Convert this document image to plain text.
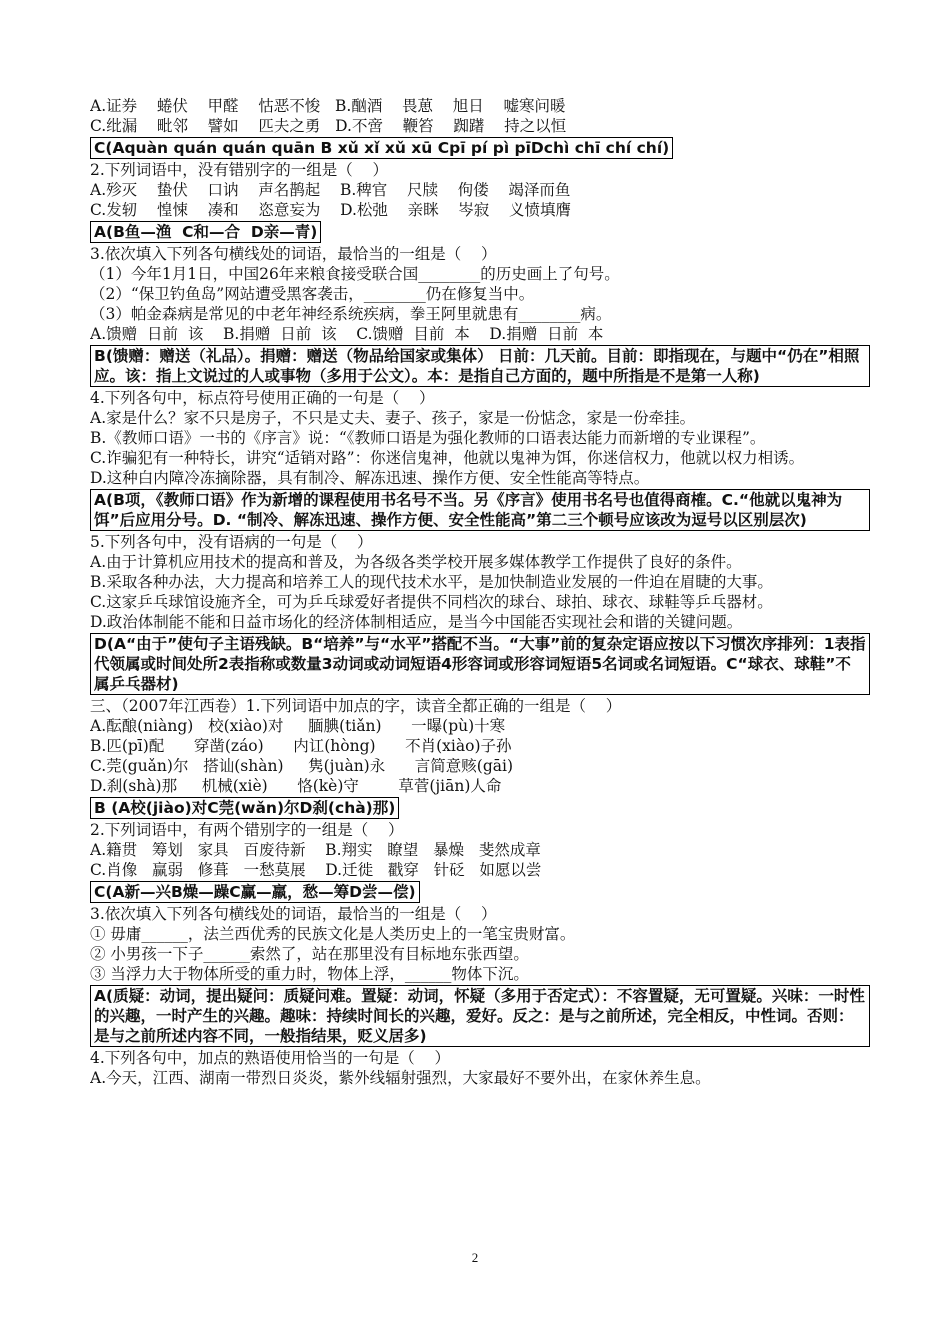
A.证券    蜷伏    甲醛    怙恶不悛   B.酗酒    畏葸    旭日    嘘寒问暖
C.纰漏    毗邻    譬如    匹夫之勇   D.不啻    鞭笞    踟躇    持之以恒
C(Aquàn quán quán quān B xǔ xǐ xǔ xū Cpī pí pì pīDchì chī chí chí)
2.下列词语中，没有错别字的一组是（    ）
A.殄灭    蛰伏    口讷    声名鹊起    B.稗官    尺牍    佝偻    竭泽而鱼
C.发轫    惶悚    凑和    恣意妄为    D.松弛    亲眯    岑寂    义愤填膺
A(B鱼—渔  C和—合  D亲—青)
3.依次填入下列各句横线处的词语，最恰当的一组是（    ）
（1）今年1月1日，中国26年来粮食接受联合国________的历史画上了句号。
（2）“保卫钓鱼岛”网站遭受黑客袭击，________仍在修复当中。
（3）帕金森病是常见的中老年神经系统疾病，拳王阿里就患有________病。
A.馈赠  日前  该    B.捐赠  日前  该    C.馈赠  目前  本    D.捐赠  日前  本
B(馈赠：赠送（礼品）。捐赠：赠送（物品给国家或集体） 日前：几天前。目前：即指现在，与题中“仍在”相照应。该：指上文说过的人或事物（多用于公文）。本：是指自己方面的，题中所指是不是第一人称)
4.下列各句中，标点符号使用正确的一句是（    ）
A.家是什么？家不只是房子，不只是丈夫、妻子、孩子，家是一份惦念，家是一份牵挂。
B.《教师口语》一书的《序言》说：“《教师口语是为强化教师的口语表达能力而新增的专业课程”。
C.诈骗犯有一种特长，讲究“适销对路”：你迷信鬼神，他就以鬼神为饵，你迷信权力，他就以权力相诱。
D.这种白内障冷冻摘除器，具有制冷、解冻迅速、操作方便、安全性能高等特点。
A(B项，《教师口语》作为新增的课程使用书名号不当。另《序言》使用书名号也值得商榷。C.“他就以鬼神为饵”后应用分号。D. “制冷、解冻迅速、操作方便、安全性能高”第二三个顿号应该改为逗号以区别层次)
5.下列各句中，没有语病的一句是（    ）
A.由于计算机应用技术的提高和普及，为各级各类学校开展多媒体教学工作提供了良好的条件。
B.采取各种办法，大力提高和培养工人的现代技术水平，是加快制造业发展的一件迫在眉睫的大事。
C.这家乒乓球馆设施齐全，可为乒乓球爱好者提供不同档次的球台、球拍、球衣、球鞋等乒乓器材。
D.政治体制能不能和日益市场化的经济体制相适应，是当今中国能否实现社会和谐的关键问题。
D(A“由于”使句子主语残缺。B“培养”与“水平”搭配不当。“大事”前的复杂定语应按以下习惯次序排列：1表指代领属或时间处所2表指称或数量3动词或动词短语4形容词或形容词短语5名词或名词短语。C“球衣、球鞋”不属乒乓器材)
三、（2007年江西卷）1.下列词语中加点的字，读音全都正确的一组是（    ）
A.酝酿(niàng)   校(xiào)对     腼腆(tiǎn)      一曝(pù)十寒
B.匹(pī)配      穿凿(záo)      内讧(hòng)      不肖(xiào)子孙
C.莞(guǎn)尔   搭讪(shàn)     隽(juàn)永      言简意赅(gāi)
D.刹(shà)那     机械(xiè)      恪(kè)守        草菅(jiān)人命
B (A校(jiào)对C莞(wǎn)尔D刹(chà)那)
2.下列词语中，有两个错别字的一组是（    ）
A.籍贯   筹划   家具   百废待新    B.翔实   瞭望   暴燥   斐然成章
C.肖像   赢弱   修葺   一愁莫展    D.迁徙   戳穿   针砭   如愿以尝
C(A新—兴B燥—躁C赢—羸，愁—筹D尝—偿)
3.依次填入下列各句横线处的词语，最恰当的一组是（    ）
① 毋庸______，法兰西优秀的民族文化是人类历史上的一笔宝贵财富。
② 小男孩一下子______索然了，站在那里没有目标地东张西望。
③ 当浮力大于物体所受的重力时，物体上浮，______物体下沉。
A(质疑：动词，提出疑问：质疑问难。置疑：动词，怀疑（多用于否定式）：不容置疑，无可置疑。兴味：一时性的兴趣，一时产生的兴趣。趣味：持续时间长的兴趣，爱好。反之：是与之前所述，完全相反，中性词。否则：是与之前所述内容不同，一般指结果，贬义居多)
4.下列各句中，加点的熟语使用恰当的一句是（    ）
A.今天，江西、湖南一带烈日炎炎，紫外线辐射强烈，大家最好不要外出，在家休养生息。
2
